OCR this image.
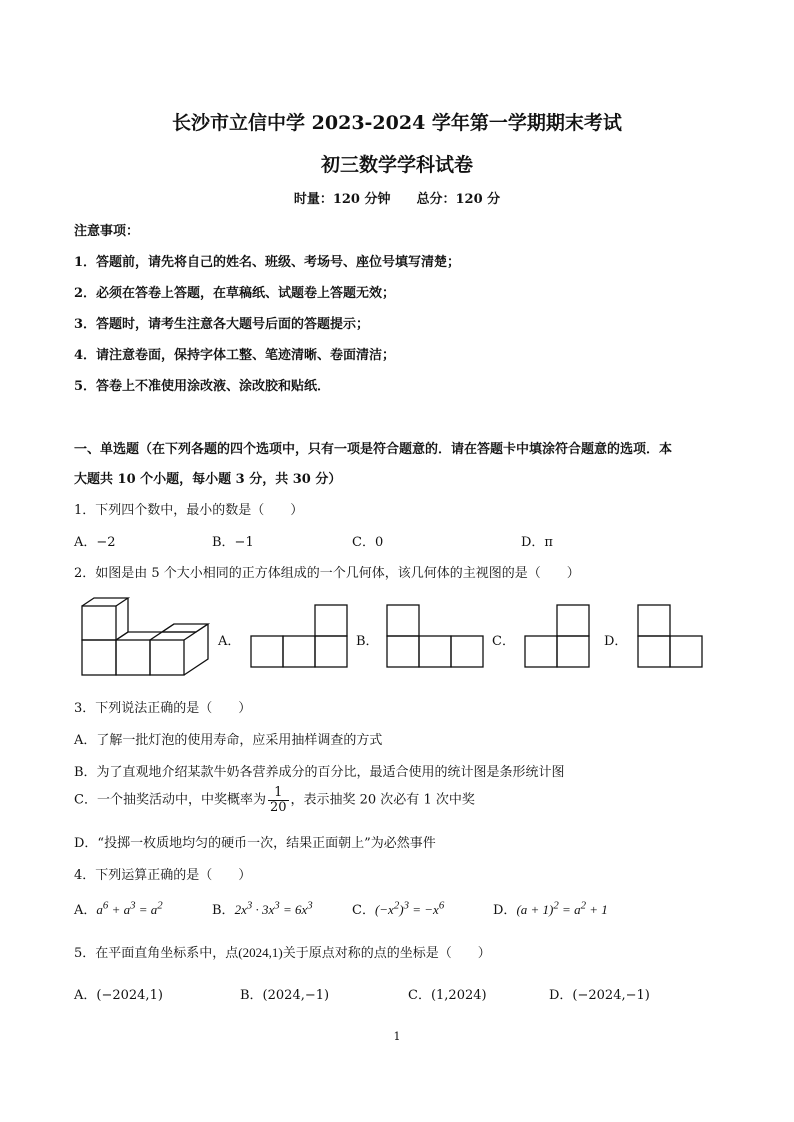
长沙市立信中学 2023-2024 学年第一学期期末考试
初三数学学科试卷
时量：120 分钟　　总分：120 分
注意事项：
1．答题前，请先将自己的姓名、班级、考场号、座位号填写清楚；
2．必须在答卷上答题，在草稿纸、试题卷上答题无效；
3．答题时，请考生注意各大题号后面的答题提示；
4．请注意卷面，保持字体工整、笔迹清晰、卷面清洁；
5．答卷上不准使用涂改液、涂改胶和贴纸．
一、单选题（在下列各题的四个选项中，只有一项是符合题意的．请在答题卡中填涂符合题意的选项．本
大题共 10 个小题，每小题 3 分，共 30 分）
1．下列四个数中，最小的数是（　　）
A．−2	B．−1	C．0	D．π
2．如图是由 5 个大小相同的正方体组成的一个几何体，该几何体的主视图的是（　　）
A．	B．	C．	D．
3．下列说法正确的是（　　）
A．了解一批灯泡的使用寿命，应采用抽样调查的方式
B．为了直观地介绍某款牛奶各营养成分的百分比，最适合使用的统计图是条形统计图
C．一个抽奖活动中，中奖概率为 $\frac{1}{20}$ ，表示抽奖 20 次必有 1 次中奖
D．“投掷一枚质地均匀的硬币一次，结果正面朝上”为必然事件
4．下列运算正确的是（　　）
A．$a^6 + a^3 = a^2$	B．$2x^3 \cdot 3x^3 = 6x^3$	C．$(-x^2)^3 = -x^6$	D．$(a + 1)^2 = a^2 + 1$
5．在平面直角坐标系中，点(2024,1)关于原点对称的点的坐标是（　　）
A．(−2024,1)	B．(2024,−1)	C．(1,2024)	D．(−2024,−1)
1
